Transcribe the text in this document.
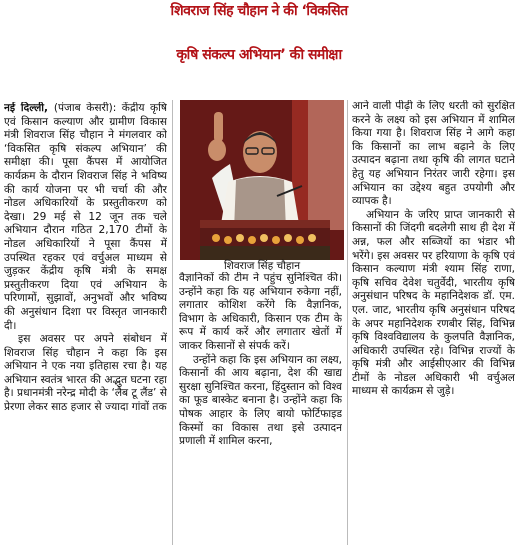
शिवराज सिंह चौहान ने की ‘विकसित
कृषि संकल्प अभियान’ की समीक्षा

नई दिल्ली, (पंजाब केसरी): केंद्रीय कृषि एवं किसान कल्याण और ग्रामीण विकास मंत्री शिवराज सिंह चौहान ने मंगलवार को ‘विकसित कृषि संकल्प अभियान’ की समीक्षा की। पूसा कैंपस में आयोजित कार्यक्रम के दौरान शिवराज सिंह ने भविष्य की कार्य योजना पर भी चर्चा की और नोडल अधिकारियों के प्रस्तुतीकरण को देखा। 29 मई से 12 जून तक चले अभियान दौरान गठित 2,170 टीमों के नोडल अधिकारियों ने पूसा कैंपस में उपस्थित रहकर एवं वर्चुअल माध्यम से जुड़कर केंद्रीय कृषि मंत्री के समक्ष प्रस्तुतीकरण दिया एवं अभियान के परिणामों, सुझावों, अनुभवों और भविष्य की अनुसंधान दिशा पर विस्तृत जानकारी दी।

इस अवसर पर अपने संबोधन में शिवराज सिंह चौहान ने कहा कि इस अभियान ने एक नया इतिहास रचा है। यह अभियान स्वतंत्र भारत की अद्भुत घटना रहा है। प्रधानमंत्री नरेन्द्र मोदी के ‘लैब टू लैंड’ से प्रेरणा लेकर साठ हजार से ज्यादा गांवों तक

शिवराज सिंह चौहान

वैज्ञानिकों की टीम ने पहुंच सुनिश्चित की। उन्होंने कहा कि यह अभियान रुकेगा नहीं, लगातार कोशिश करेंगे कि वैज्ञानिक, विभाग के अधिकारी, किसान एक टीम के रूप में कार्य करें और लगातार खेतों में जाकर किसानों से संपर्क करें।

उन्होंने कहा कि इस अभियान का लक्ष्य, किसानों की आय बढ़ाना, देश की खाद्य सुरक्षा सुनिश्चित करना, हिंदुस्तान को विश्व का फूड बास्केट बनाना है। उन्होंने कहा कि पोषक आहार के लिए बायो फोर्टिफाइड किस्मों का विकास तथा इसे उत्पादन प्रणाली में शामिल करना,

आने वाली पीढ़ी के लिए धरती को सुरक्षित करने के लक्ष्य को इस अभियान में शामिल किया गया है। शिवराज सिंह ने आगे कहा कि किसानों का लाभ बढ़ाने के लिए उत्पादन बढ़ाना तथा कृषि की लागत घटाने हेतु यह अभियान निरंतर जारी रहेगा। इस अभियान का उद्देश्य बहुत उपयोगी और व्यापक है।

अभियान के जरिए प्राप्त जानकारी से किसानों की जिंदगी बदलेगी साथ ही देश में अन्न, फल और सब्जियों का भंडार भी भरेंगे। इस अवसर पर हरियाणा के कृषि एवं किसान कल्याण मंत्री श्याम सिंह राणा, कृषि सचिव देवेश चतुर्वेदी, भारतीय कृषि अनुसंधान परिषद के महानिदेशक डॉ. एम. एल. जाट, भारतीय कृषि अनुसंधान परिषद के अपर महानिदेशक रणबीर सिंह, विभिन्न कृषि विश्वविद्यालय के कुलपति वैज्ञानिक, अधिकारी उपस्थित रहे। विभिन्न राज्यों के कृषि मंत्री और आईसीएआर की विभिन्न टीमों के नोडल अधिकारी भी वर्चुअल माध्यम से कार्यक्रम से जुड़े।
